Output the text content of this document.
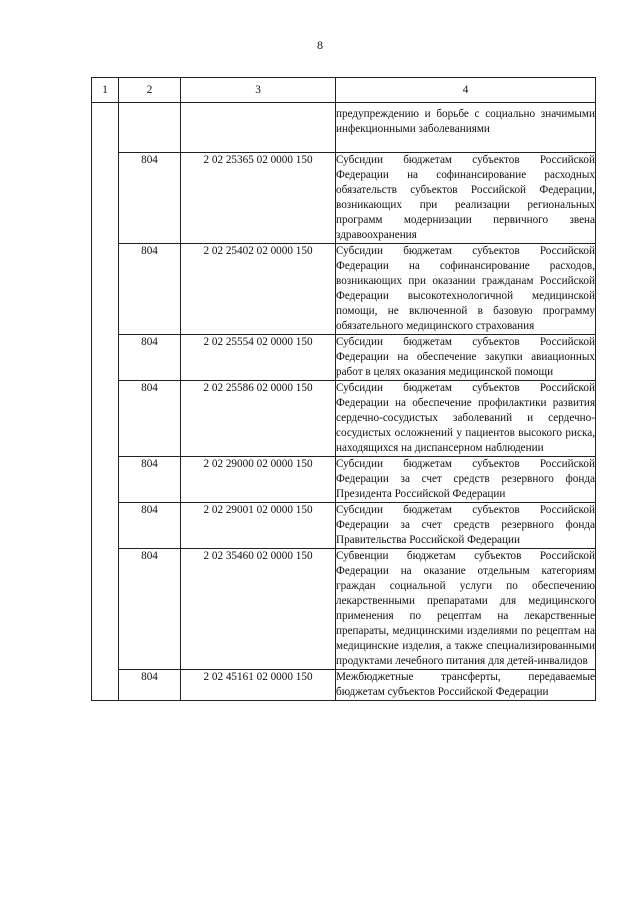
8
1	2	3	4
			предупреждению и борьбе с социально значимыми инфекционными заболеваниями
	804	2 02 25365 02 0000 150	Субсидии бюджетам субъектов Российской Федерации на софинансирование расходных обязательств субъектов Российской Федерации, возникающих при реализации региональных программ модернизации первичного звена здравоохранения
	804	2 02 25402 02 0000 150	Субсидии бюджетам субъектов Российской Федерации на софинансирование расходов, возникающих при оказании гражданам Российской Федерации высокотехнологичной медицинской помощи, не включенной в базовую программу обязательного медицинского страхования
	804	2 02 25554 02 0000 150	Субсидии бюджетам субъектов Российской Федерации на обеспечение закупки авиационных работ в целях оказания медицинской помощи
	804	2 02 25586 02 0000 150	Субсидии бюджетам субъектов Российской Федерации на обеспечение профилактики развития сердечно-сосудистых заболеваний и сердечно-сосудистых осложнений у пациентов высокого риска, находящихся на диспансерном наблюдении
	804	2 02 29000 02 0000 150	Субсидии бюджетам субъектов Российской Федерации за счет средств резервного фонда Президента Российской Федерации
	804	2 02 29001 02 0000 150	Субсидии бюджетам субъектов Российской Федерации за счет средств резервного фонда Правительства Российской Федерации
	804	2 02 35460 02 0000 150	Субвенции бюджетам субъектов Российской Федерации на оказание отдельным категориям граждан социальной услуги по обеспечению лекарственными препаратами для медицинского применения по рецептам на лекарственные препараты, медицинскими изделиями по рецептам на медицинские изделия, а также специализированными продуктами лечебного питания для детей-инвалидов
	804	2 02 45161 02 0000 150	Межбюджетные трансферты, передаваемые бюджетам субъектов Российской Федерации
